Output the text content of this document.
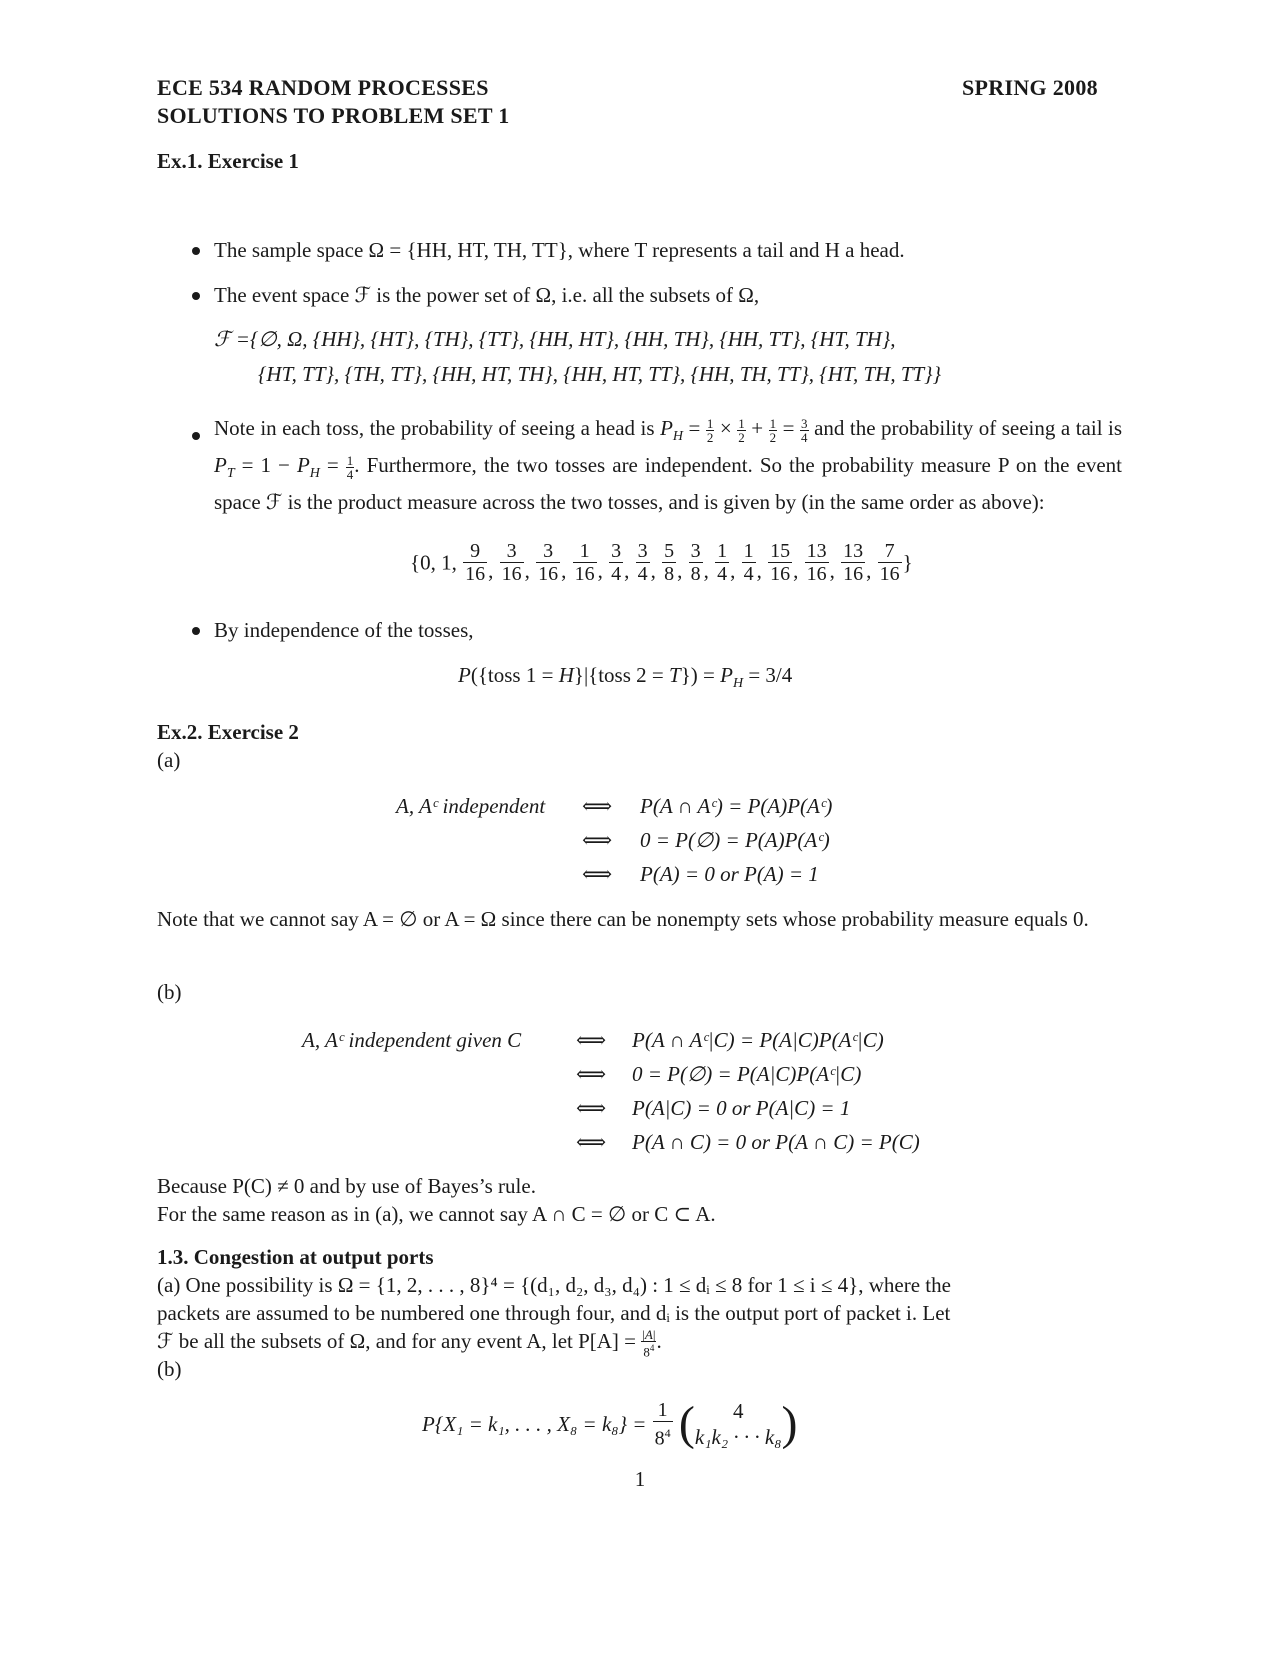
ECE 534 RANDOM PROCESSES	SPRING 2008
SOLUTIONS TO PROBLEM SET 1
Ex.1. Exercise 1
The sample space Ω = {HH, HT, TH, TT}, where T represents a tail and H a head.
The event space ℱ is the power set of Ω, i.e. all the subsets of Ω,
ℱ ={∅, Ω, {HH}, {HT}, {TH}, {TT}, {HH, HT}, {HH, TH}, {HH, TT}, {HT, TH},
{HT, TT}, {TH, TT}, {HH, HT, TH}, {HH, HT, TT}, {HH, TH, TT}, {HT, TH, TT}}
Note in each toss, the probability of seeing a head is $P_H = \frac{1}{2} \times \frac{1}{2} + \frac{1}{2} = \frac{3}{4}$ and the probability of seeing a tail is $P_T = 1 - P_H = \frac{1}{4}$ . Furthermore, the two tosses are independent. So the probability measure P on the event space ℱ is the product measure across the two tosses, and is given by (in the same order as above):
{0, 1, $\frac{9}{16}$ , $\frac{3}{16}$ , $\frac{3}{16}$ , $\frac{1}{16}$ , $\frac{3}{4}$ , $\frac{3}{4}$ , $\frac{5}{8}$ , $\frac{3}{8}$ , $\frac{1}{4}$ , $\frac{1}{4}$ , $\frac{15}{16}$ , $\frac{13}{16}$ , $\frac{13}{16}$ , $\frac{7}{16}$ }
By independence of the tosses,
P({toss 1 = H}|{toss $2 = T\}) = P_H = 3/4$
Ex.2. Exercise 2
(a)
A, Aᶜ independent ⟺ P(A ∩ Aᶜ) = P(A)P(Aᶜ)
⟺ 0 = P(∅) = P(A)P(Aᶜ)
⟺ P(A) = 0 or P(A) = 1
Note that we cannot say A = ∅ or A = Ω since there can be nonempty sets whose probability measure equals 0.
(b)
A, Aᶜ independent given C	⟺ P(A ∩ Aᶜ|C) = P(A|C)P(Aᶜ|C)
⟺ 0 = P(∅) = P(A|C)P(Aᶜ|C)
⟺ P(A|C) = 0 or P(A|C) = 1
⟺ P(A ∩ C) = 0 or P(A ∩ C) = P(C)
Because P(C) ≠ 0 and by use of Bayes’s rule.
For the same reason as in (a), we cannot say A ∩ C = ∅ or C ⊂ A.
1.3. Congestion at output ports
(a) One possibility is Ω = {1, 2, . . . , 8}⁴ = {(d₁, d₂, d₃, d₄) : 1 ≤ dᵢ ≤ 8 for 1 ≤ i ≤ 4}, where the
packets are assumed to be numbered one through four, and dᵢ is the output port of packet i. Let
ℱ be all the subsets of Ω, and for any event A, let $P[A] = \frac{|A|}{8^4}$ .
(b)
P{X₁ = k₁, . . . , $X_8 = k_8\} = \frac{1}{8^4}$ (	4
k₁k₂ · · · k₈ )
1
